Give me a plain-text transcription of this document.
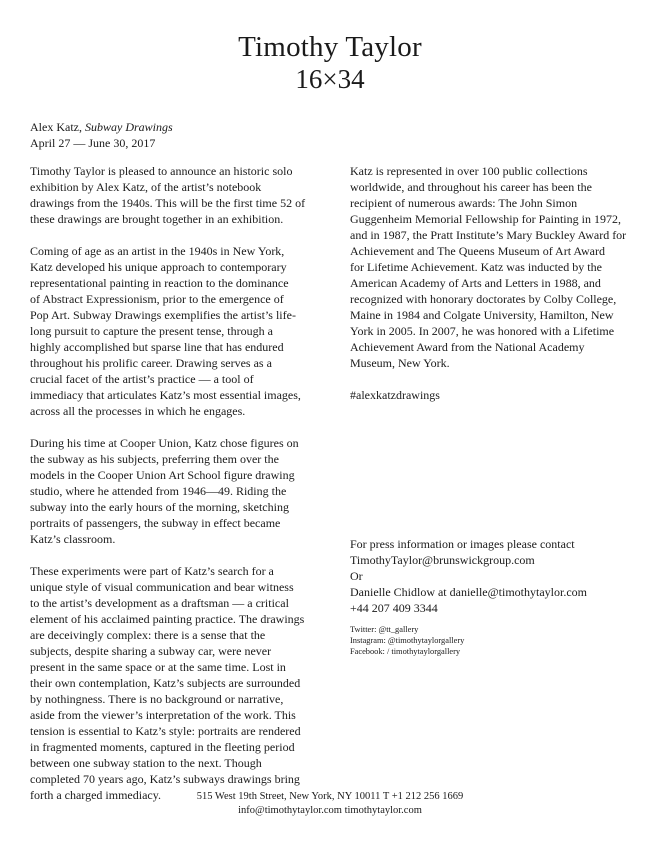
Timothy Taylor
16×34
Alex Katz, Subway Drawings
April 27 — June 30, 2017

Timothy Taylor is pleased to announce an historic solo
exhibition by Alex Katz, of the artist’s notebook
drawings from the 1940s. This will be the first time 52 of
these drawings are brought together in an exhibition.

Coming of age as an artist in the 1940s in New York,
Katz developed his unique approach to contemporary
representational painting in reaction to the dominance
of Abstract Expressionism, prior to the emergence of
Pop Art. Subway Drawings exemplifies the artist’s life-
long pursuit to capture the present tense, through a
highly accomplished but sparse line that has endured
throughout his prolific career. Drawing serves as a
crucial facet of the artist’s practice — a tool of
immediacy that articulates Katz’s most essential images,
across all the processes in which he engages.

During his time at Cooper Union, Katz chose figures on
the subway as his subjects, preferring them over the
models in the Cooper Union Art School figure drawing
studio, where he attended from 1946—49. Riding the
subway into the early hours of the morning, sketching
portraits of passengers, the subway in effect became
Katz’s classroom.

These experiments were part of Katz’s search for a
unique style of visual communication and bear witness
to the artist’s development as a draftsman — a critical
element of his acclaimed painting practice. The drawings
are deceivingly complex: there is a sense that the
subjects, despite sharing a subway car, were never
present in the same space or at the same time. Lost in
their own contemplation, Katz’s subjects are surrounded
by nothingness. There is no background or narrative,
aside from the viewer’s interpretation of the work. This
tension is essential to Katz’s style: portraits are rendered
in fragmented moments, captured in the fleeting period
between one subway station to the next. Though
completed 70 years ago, Katz’s subways drawings bring
forth a charged immediacy.

Katz is represented in over 100 public collections
worldwide, and throughout his career has been the
recipient of numerous awards: The John Simon
Guggenheim Memorial Fellowship for Painting in 1972,
and in 1987, the Pratt Institute’s Mary Buckley Award for
Achievement and The Queens Museum of Art Award
for Lifetime Achievement. Katz was inducted by the
American Academy of Arts and Letters in 1988, and
recognized with honorary doctorates by Colby College,
Maine in 1984 and Colgate University, Hamilton, New
York in 2005. In 2007, he was honored with a Lifetime
Achievement Award from the National Academy
Museum, New York.

#alexkatzdrawings

For press information or images please contact
TimothyTaylor@brunswickgroup.com
Or
Danielle Chidlow at danielle@timothytaylor.com
+44 207 409 3344
Twitter: @tt_gallery
Instagram: @timothytaylorgallery
Facebook: / timothytaylorgallery
515 West 19th Street, New York, NY 10011 T +1 212 256 1669
info@timothytaylor.com timothytaylor.com
